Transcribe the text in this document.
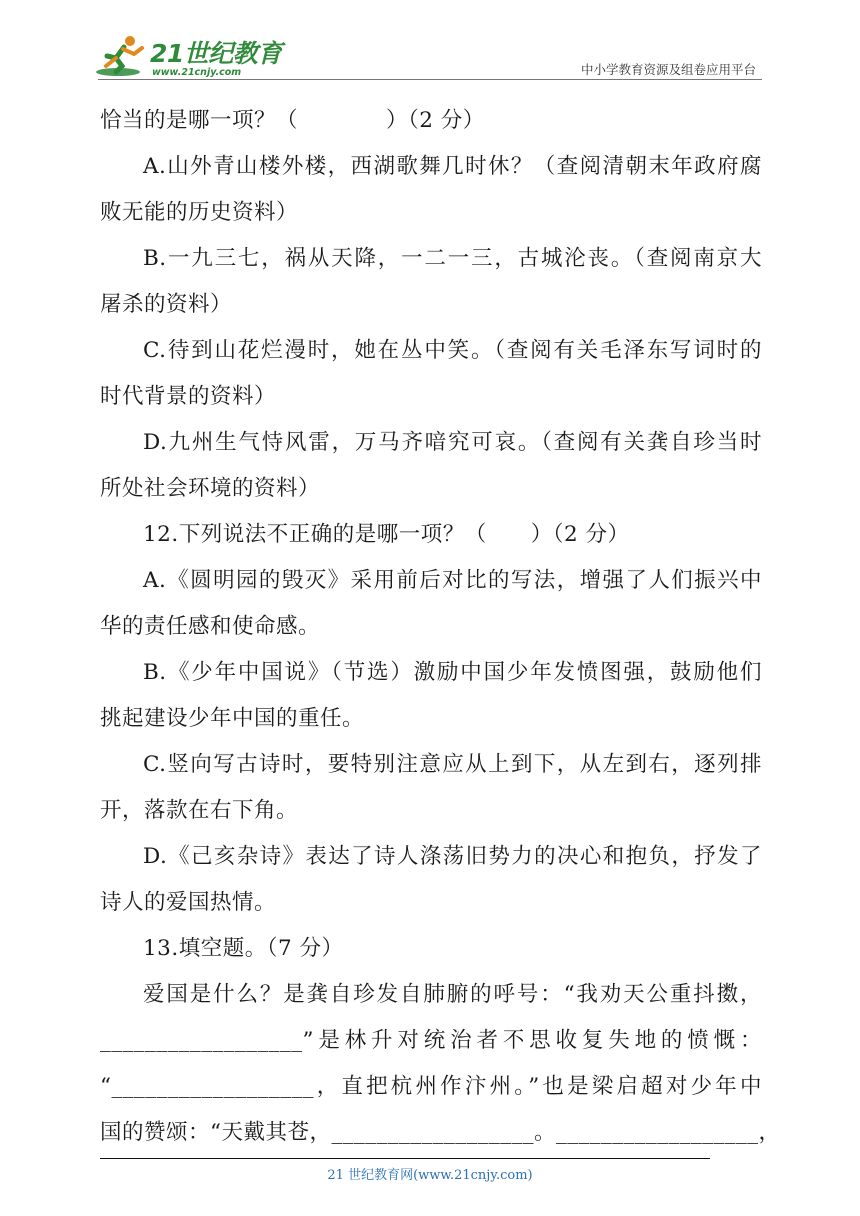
21世纪教育
www.21cnjy.com	中小学教育资源及组卷应用平台
恰当的是哪一项？（　　　　）（2 分）
A.山外青山楼外楼，西湖歌舞几时休？（查阅清朝末年政府腐
败无能的历史资料）
B.一九三七，祸从天降，一二一三，古城沦丧。（查阅南京大
屠杀的资料）
C.待到山花烂漫时，她在丛中笑。（查阅有关毛泽东写词时的
时代背景的资料）
D.九州生气恃风雷，万马齐喑究可哀。（查阅有关龚自珍当时
所处社会环境的资料）
12.下列说法不正确的是哪一项？（　　）（2 分）
A.《圆明园的毁灭》采用前后对比的写法，增强了人们振兴中
华的责任感和使命感。
B.《少年中国说》（节选）激励中国少年发愤图强，鼓励他们
挑起建设少年中国的重任。
C.竖向写古诗时，要特别注意应从上到下，从左到右，逐列排
开，落款在右下角。
D.《己亥杂诗》表达了诗人涤荡旧势力的决心和抱负，抒发了
诗人的爱国热情。
13.填空题。（7 分）
爱国是什么？是龚自珍发自肺腑的呼号：“我劝天公重抖擞，
__________________”是林升对统治者不思收复失地的愤慨：
“__________________，直把杭州作汴州。”也是梁启超对少年中
国的赞颂：“天戴其苍，__________________。__________________，
21 世纪教育网(www.21cnjy.com)
